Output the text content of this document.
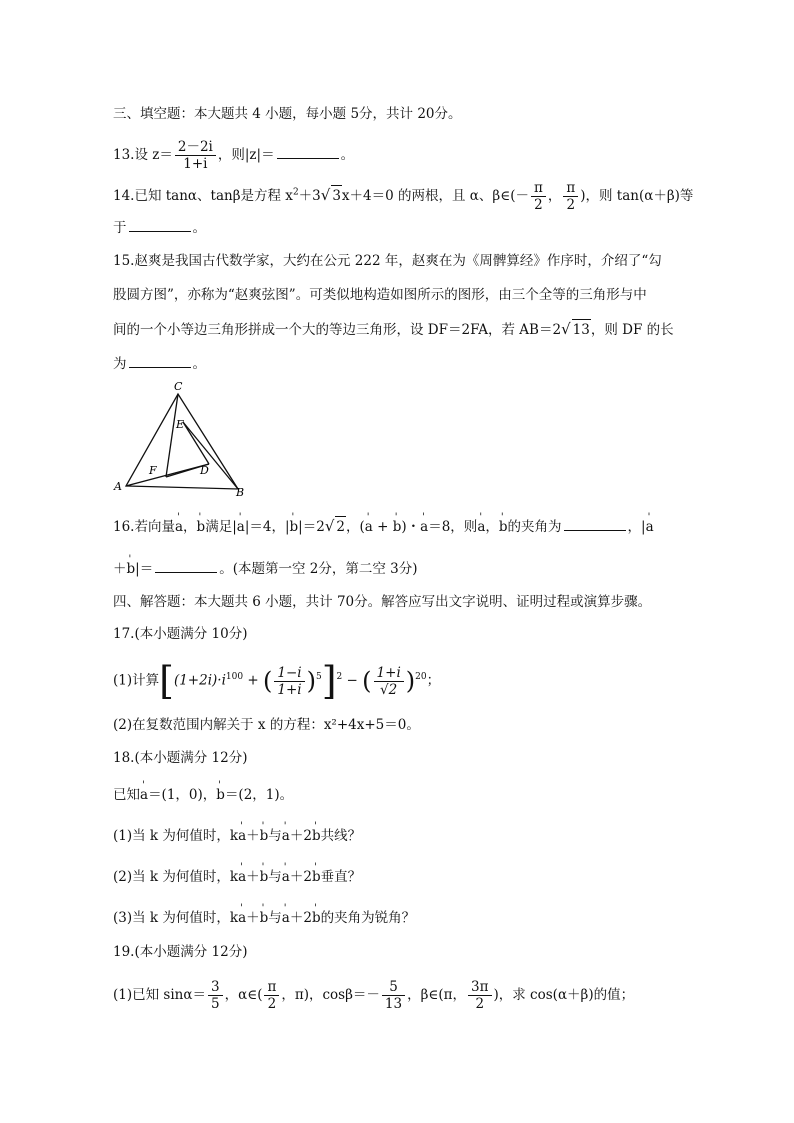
三、填空题：本大题共 4 小题，每小题 5分，共计 20分。
13.设 $z= \frac{2-2i}{1+i}$ ，则|z|＝	。
14.已知 tanα、tanβ是方程 $x^2+3√$ 3x＋4＝0 的两根，且 α、β∈(－ $\frac{\pi}{2}$ ， $\frac{\pi}{2}$ )，则 tan(α＋β)等
于	。
15.赵爽是我国古代数学家，大约在公元 222 年，赵爽在为《周髀算经》作序时，介绍了“勾
股圆方图”，亦称为“赵爽弦图”。可类似地构造如图所示的图形，由三个全等的三角形与中
间的一个小等边三角形拼成一个大的等边三角形，设 DF＝2FA，若 AB＝2√ 13，则 DF 的长
为	。
A	B
C
D
E
F
16.若向量' a，' b满足|' a|＝4，|' b|＝2√ 2，(' a + ' b)・' a＝8，则' a，' b的夹角为	，|' a
＋' b|＝	。(本题第一空 2分，第二空 3分)
四、解答题：本大题共 6 小题，共计 70分。解答应写出文字说明、证明过程或演算步骤。
17.(本小题满分 10分)
(1)计算[$(1+2i)\cdot i^{100}$ + ( $\frac{1-i}{1+i} )^5]^2$ − ( $\frac{1+i}{√2} )^{20}$；
(2)在复数范围内解关于 x 的方程：x²+4x+5＝0。
18.(本小题满分 12分)
已知' a＝(1，0)，' b＝(2，1)。
(1)当 k 为何值时，k' a＋' b与' a＋2' b共线？
(2)当 k 为何值时，k' a＋' b与' a＋2' b垂直？
(3)当 k 为何值时，k' a＋' b与' a＋2' b的夹角为锐角？
19.(本小题满分 12分)
(1)已知 $\sin\alpha= \frac{3}{5}$ ，α∈( $\frac{\pi}{2}$ ，π)，$\cos\beta=- \frac{5}{13}$ ，β∈(π， $\frac{3\pi}{2}$ )，求 cos(α＋β)的值；
